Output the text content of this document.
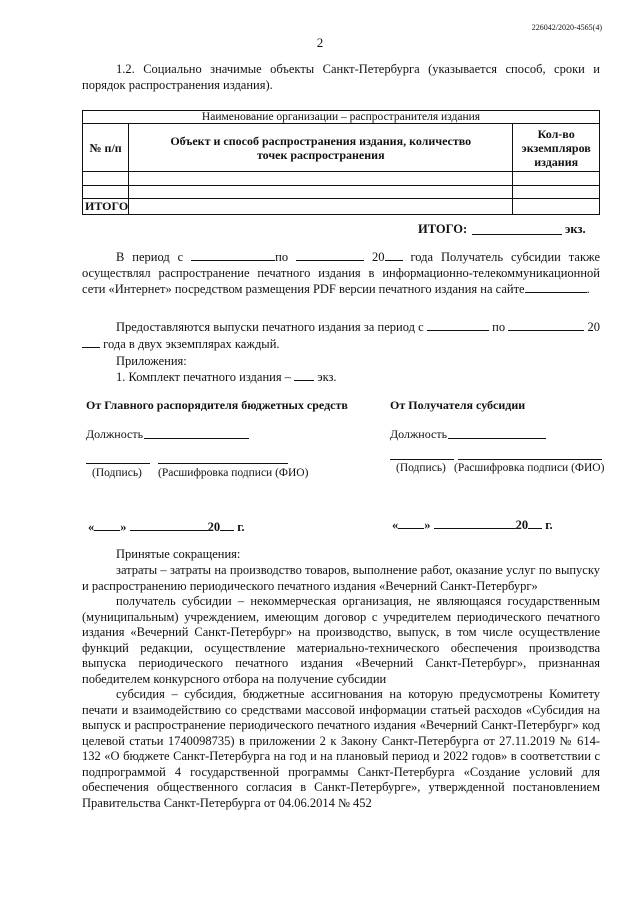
226042/2020-4565(4)
2

1.2. Социально значимые объекты Санкт-Петербурга (указывается способ, сроки и порядок распространения издания).

Наименование организации – распространителя издания		
№ п/п	Объект и способ распространения издания, количество точек распространения	Кол-во экземпляров издания

ИТОГО		
ИТОГО:	экз.

В период с	по	20 года Получатель субсидии также осуществлял распространение печатного издания в информационно-телекоммуникационной сети «Интернет» посредством размещения PDF версии печатного издания на сайте	.

Предоставляются выпуски печатного издания за период с	по	20 года в двух экземплярах каждый.

Приложения:
1. Комплект печатного издания – экз.
От Главного распорядителя бюджетных средств
Должность
(Подпись) (Расшифровка подписи (ФИО)
« »	20 г.
От Получателя субсидии
Должность
(Подпись) (Расшифровка подписи (ФИО)
« »	20 г.
Принятые сокращения:

затраты – затраты на производство товаров, выполнение работ, оказание услуг по выпуску и распространению периодического печатного издания «Вечерний Санкт-Петербург»

получатель субсидии – некоммерческая организация, не являющаяся государственным (муниципальным) учреждением, имеющим договор с учредителем периодического печатного издания «Вечерний Санкт-Петербург» на производство, выпуск, в том числе осуществление функций редакции, осуществление материально-технического обеспечения производства выпуска периодического печатного издания «Вечерний Санкт-Петербург», признанная победителем конкурсного отбора на получение субсидии

субсидия – субсидия, бюджетные ассигнования на которую предусмотрены Комитету печати и взаимодействию со средствами массовой информации статьей расходов «Субсидия на выпуск и распространение периодического печатного издания «Вечерний Санкт-Петербург» код целевой статьи 1740098735) в приложении 2 к Закону Санкт-Петербурга от 27.11.2019 № 614-132 «О бюджете Санкт-Петербурга на год и на плановый период и 2022 годов» в соответствии с подпрограммой 4 государственной программы Санкт-Петербурга «Создание условий для обеспечения общественного согласия в Санкт-Петербурге», утвержденной постановлением Правительства Санкт-Петербурга от 04.06.2014 № 452
